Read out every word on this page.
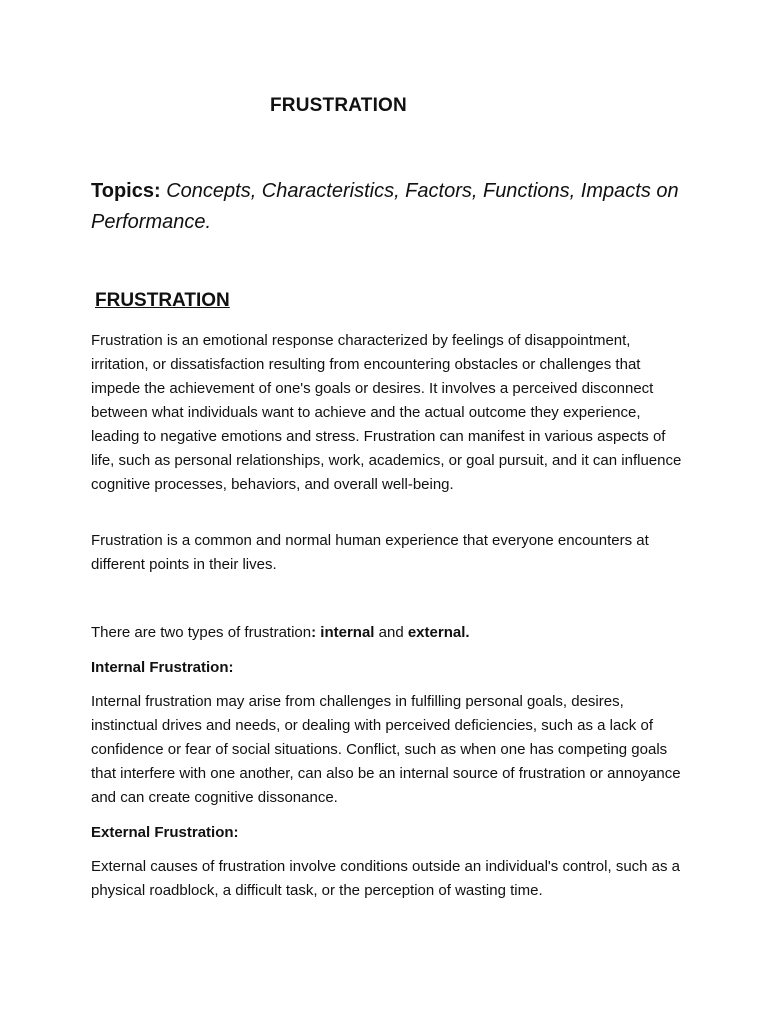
FRUSTRATION

Topics: Concepts, Characteristics, Factors, Functions, Impacts on Performance.

FRUSTRATION

Frustration is an emotional response characterized by feelings of disappointment, irritation, or dissatisfaction resulting from encountering obstacles or challenges that impede the achievement of one's goals or desires. It involves a perceived disconnect between what individuals want to achieve and the actual outcome they experience, leading to negative emotions and stress. Frustration can manifest in various aspects of life, such as personal relationships, work, academics, or goal pursuit, and it can influence cognitive processes, behaviors, and overall well-being.

Frustration is a common and normal human experience that everyone encounters at different points in their lives.

There are two types of frustration: internal and external.

Internal Frustration:

Internal frustration may arise from challenges in fulfilling personal goals, desires, instinctual drives and needs, or dealing with perceived deficiencies, such as a lack of confidence or fear of social situations. Conflict, such as when one has competing goals that interfere with one another, can also be an internal source of frustration or annoyance and can create cognitive dissonance.

External Frustration:

External causes of frustration involve conditions outside an individual's control, such as a physical roadblock, a difficult task, or the perception of wasting time.
